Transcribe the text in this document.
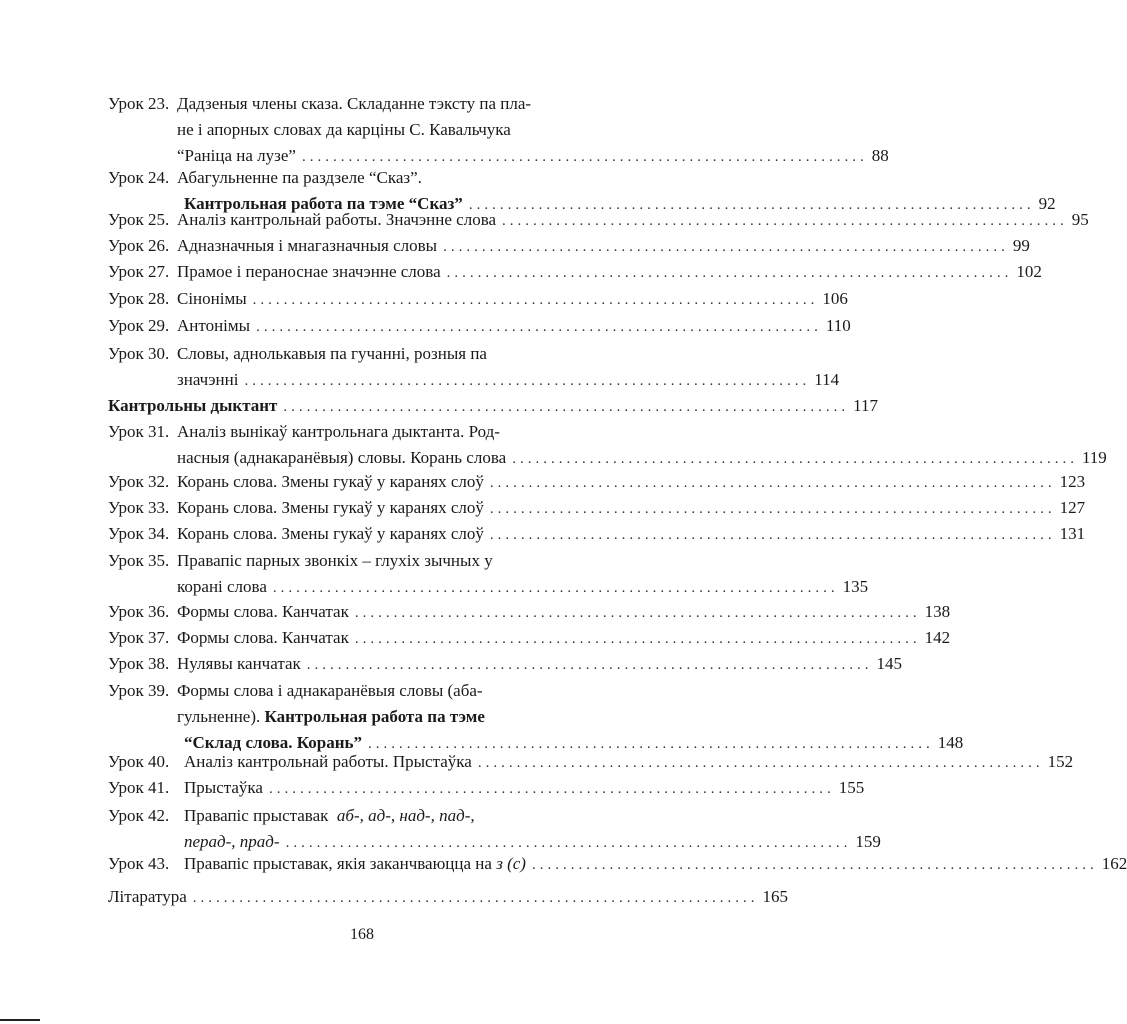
Урок 23. Дадзеныя члены сказа. Складанне тэксту па пла-
не і апорных словах да карціны С. Кавальчука
“Раніца на лузе” ......................................................................... 88
Урок 24. Абагульненне па раздзеле “Сказ”.
Кантрольная работа па тэме “Сказ” ......................................................................... 92
Урок 25. Аналіз кантрольнай работы. Значэнне слова ......................................................................... 95
Урок 26. Адназначныя і мнагазначныя словы ......................................................................... 99
Урок 27. Прамое і пераноснае значэнне слова ......................................................................... 102
Урок 28. Сінонімы ......................................................................... 106
Урок 29. Антонімы ......................................................................... 110
Урок 30. Словы, аднолькавыя па гучанні, розныя па
значэнні ......................................................................... 114
Кантрольны дыктант ......................................................................... 117
Урок 31. Аналіз вынікаў кантрольнага дыктанта. Род-
насныя (аднакаранёвыя) словы. Корань слова ......................................................................... 119
Урок 32. Корань слова. Змены гукаў у каранях слоў ......................................................................... 123
Урок 33. Корань слова. Змены гукаў у каранях слоў ......................................................................... 127
Урок 34. Корань слова. Змены гукаў у каранях слоў ......................................................................... 131
Урок 35. Правапіс парных звонкіх – глухіх зычных у
корані слова ......................................................................... 135
Урок 36. Формы слова. Канчатак ......................................................................... 138
Урок 37. Формы слова. Канчатак ......................................................................... 142
Урок 38. Нулявы канчатак ......................................................................... 145
Урок 39. Формы слова і аднакаранёвыя словы (аба-
гульненне). Кантрольная работа па тэме
“Склад слова. Корань” ......................................................................... 148
Урок 40. Аналіз кантрольнай работы. Прыстаўка ......................................................................... 152
Урок 41. Прыстаўка ......................................................................... 155
Урок 42. Правапіс прыставак аб-, ад-, над-, пад-,
перад-, прад- ......................................................................... 159
Урок 43. Правапіс прыставак, якія заканчваюцца на з (с) ......................................................................... 162
Літаратура ......................................................................... 165
168
